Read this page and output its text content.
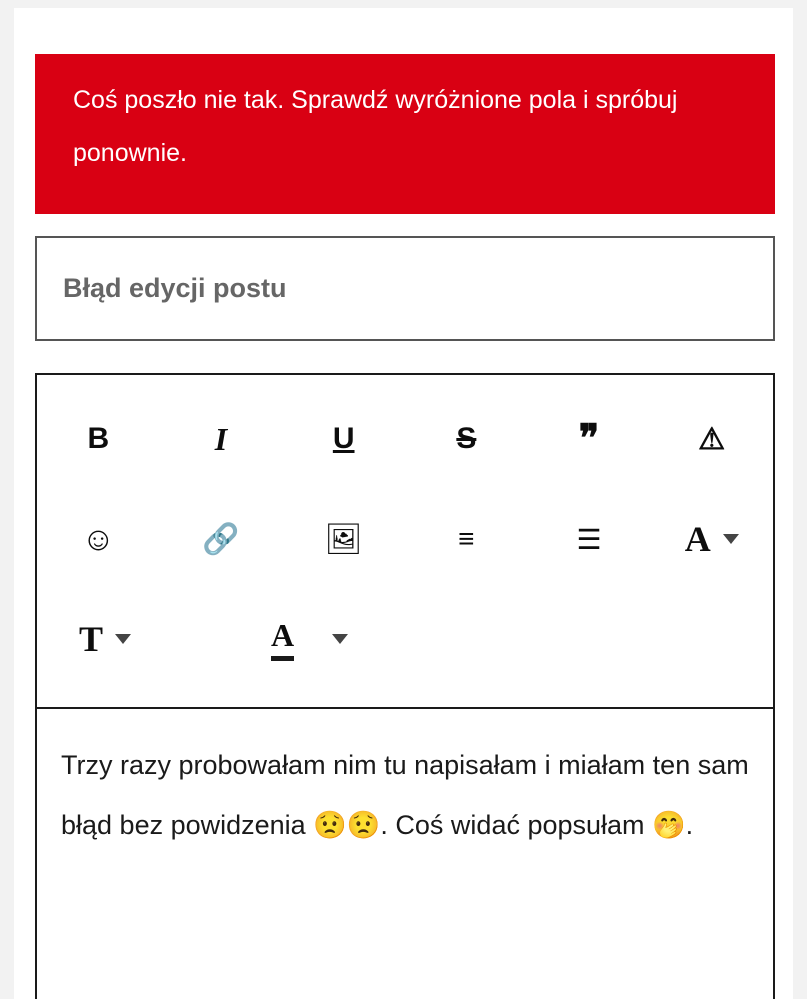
Coś poszło nie tak. Sprawdź wyróżnione pola i spróbuj ponownie.
Błąd edycji postu
B	I	U	S	❞	⚠
☺	🔗	🖼	≡	☰ A
T	A
Trzy razy probowałam nim tu napisałam i miałam ten sam błąd bez powidzenia 😟😟. Coś widać popsułam 🤭.
